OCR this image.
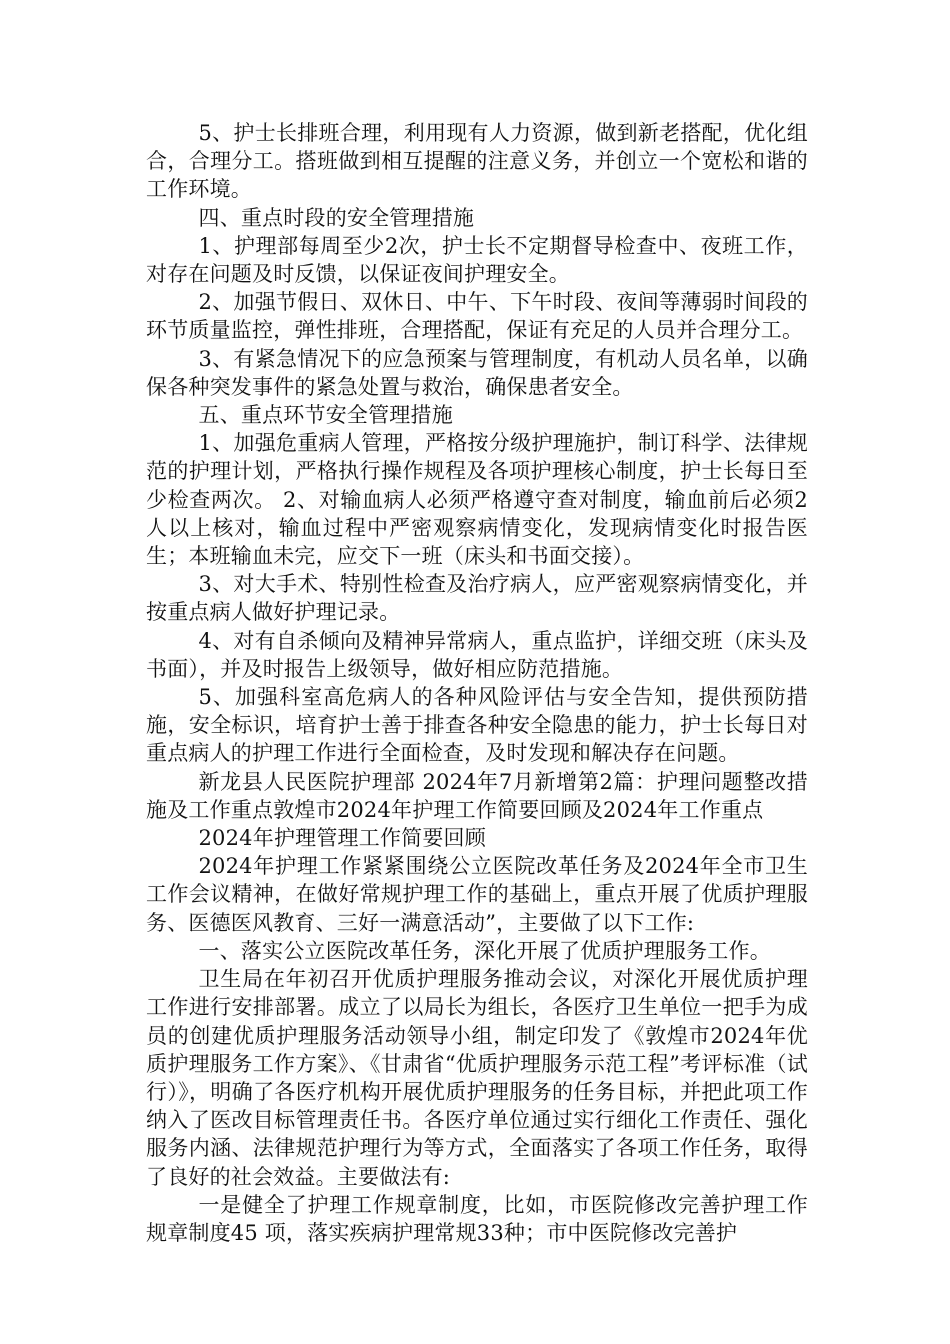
5、护士长排班合理，利用现有人力资源，做到新老搭配，优化组合，合理分工。搭班做到相互提醒的注意义务，并创立一个宽松和谐的工作环境。

四、重点时段的安全管理措施

1、护理部每周至少2次，护士长不定期督导检查中、夜班工作，对存在问题及时反馈，以保证夜间护理安全。

2、加强节假日、双休日、中午、下午时段、夜间等薄弱时间段的环节质量监控，弹性排班，合理搭配，保证有充足的人员并合理分工。

3、有紧急情况下的应急预案与管理制度，有机动人员名单，以确保各种突发事件的紧急处置与救治，确保患者安全。

五、重点环节安全管理措施

1、加强危重病人管理，严格按分级护理施护，制订科学、法律规范的护理计划，严格执行操作规程及各项护理核心制度，护士长每日至少检查两次。 2、对输血病人必须严格遵守查对制度，输血前后必须2人以上核对，输血过程中严密观察病情变化，发现病情变化时报告医生；本班输血未完，应交下一班（床头和书面交接）。

3、对大手术、特别性检查及治疗病人，应严密观察病情变化，并按重点病人做好护理记录。

4、对有自杀倾向及精神异常病人，重点监护，详细交班（床头及书面），并及时报告上级领导，做好相应防范措施。

5、加强科室高危病人的各种风险评估与安全告知，提供预防措施，安全标识，培育护士善于排查各种安全隐患的能力，护士长每日对重点病人的护理工作进行全面检查，及时发现和解决存在问题。

新龙县人民医院护理部 2024年7月新增第2篇：护理问题整改措施及工作重点敦煌市2024年护理工作简要回顾及2024年工作重点

2024年护理管理工作简要回顾

2024年护理工作紧紧围绕公立医院改革任务及2024年全市卫生工作会议精神，在做好常规护理工作的基础上，重点开展了优质护理服务、医德医风教育、三好一满意活动”，主要做了以下工作:

一、落实公立医院改革任务，深化开展了优质护理服务工作。

卫生局在年初召开优质护理服务推动会议，对深化开展优质护理工作进行安排部署。成立了以局长为组长，各医疗卫生单位一把手为成员的创建优质护理服务活动领导小组，制定印发了《敦煌市2024年优质护理服务工作方案》、《甘肃省“优质护理服务示范工程”考评标准（试行）》，明确了各医疗机构开展优质护理服务的任务目标，并把此项工作纳入了医改目标管理责任书。各医疗单位通过实行细化工作责任、强化服务内涵、法律规范护理行为等方式，全面落实了各项工作任务，取得了良好的社会效益。主要做法有:

一是健全了护理工作规章制度，比如，市医院修改完善护理工作规章制度45 项，落实疾病护理常规33种；市中医院修改完善护
